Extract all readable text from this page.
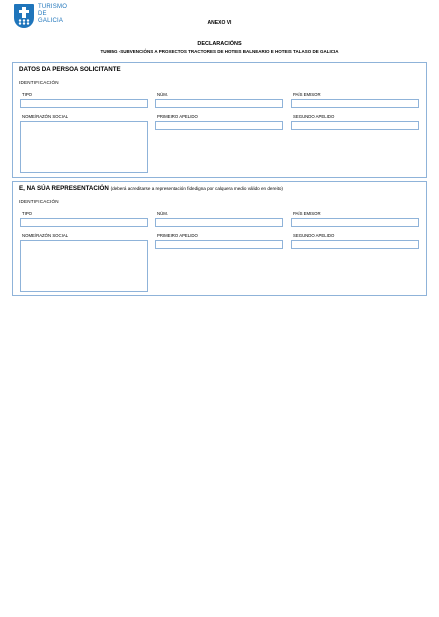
TURISMO
DE
GALICIA	ANEXO VI
DECLARACIÓNS
TU985G -SUBVENCIÓNS A PROXECTOS TRACTORES DE HOTEIS BALNEARIO E HOTEIS TALASO DE GALICIA
DATOS DA PERSOA SOLICITANTE
IDENTIFICACIÓN
TIPO	NÚM.	PAÍS EMISOR
NOME/RAZÓN SOCIAL	PRIMEIRO APELIDO	SEGUNDO APELIDO
E, NA SÚA REPRESENTACIÓN (deberá acreditarse a representación fidedigna por calquera medio válido en dereito)
IDENTIFICACIÓN
TIPO	NÚM.	PAÍS EMISOR
NOME/RAZÓN SOCIAL	PRIMEIRO APELIDO	SEGUNDO APELIDO
